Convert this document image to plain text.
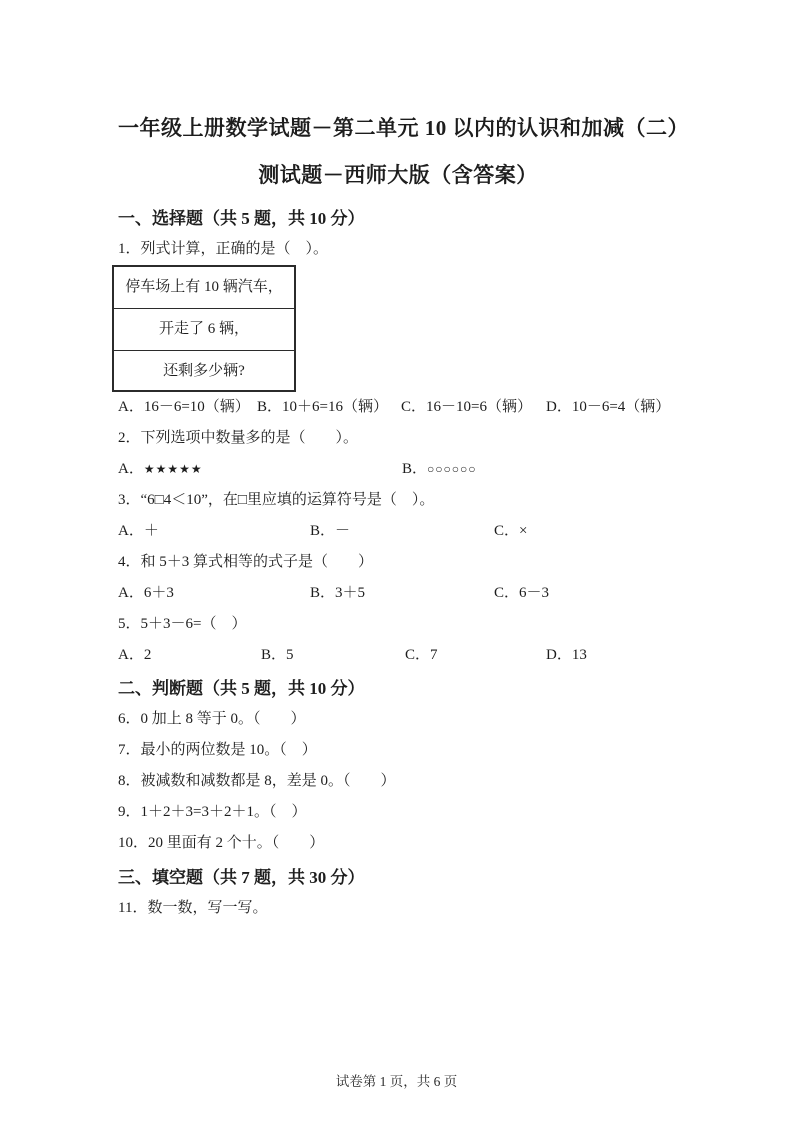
一年级上册数学试题－第二单元 10 以内的认识和加减（二）
测试题－西师大版（含答案）
一、选择题（共 5 题，共 10 分）
1．列式计算，正确的是（　）。
停车场上有 10 辆汽车，
开走了 6 辆，
还剩多少辆?
A．16－6=10（辆） B．10＋6=16（辆） C．16－10=6（辆） D．10－6=4（辆）
2．下列选项中数量多的是（　　）。
A．★★★★★	B．○○○○○○
3．“6□4＜10”，在□里应填的运算符号是（　）。
A．＋	B．－	C．×
4．和 5＋3 算式相等的式子是（　　）
A．6＋3	B．3＋5	C．6－3
5．5＋3－6=（　）
A．2	B．5	C．7	D．13
二、判断题（共 5 题，共 10 分）
6．0 加上 8 等于 0。（　　）
7．最小的两位数是 10。（　）
8．被减数和减数都是 8，差是 0。（　　）
9．1＋2＋3=3＋2＋1。（　）
10．20 里面有 2 个十。（　　）
三、填空题（共 7 题，共 30 分）
11．数一数，写一写。
试卷第 1 页，共 6 页
